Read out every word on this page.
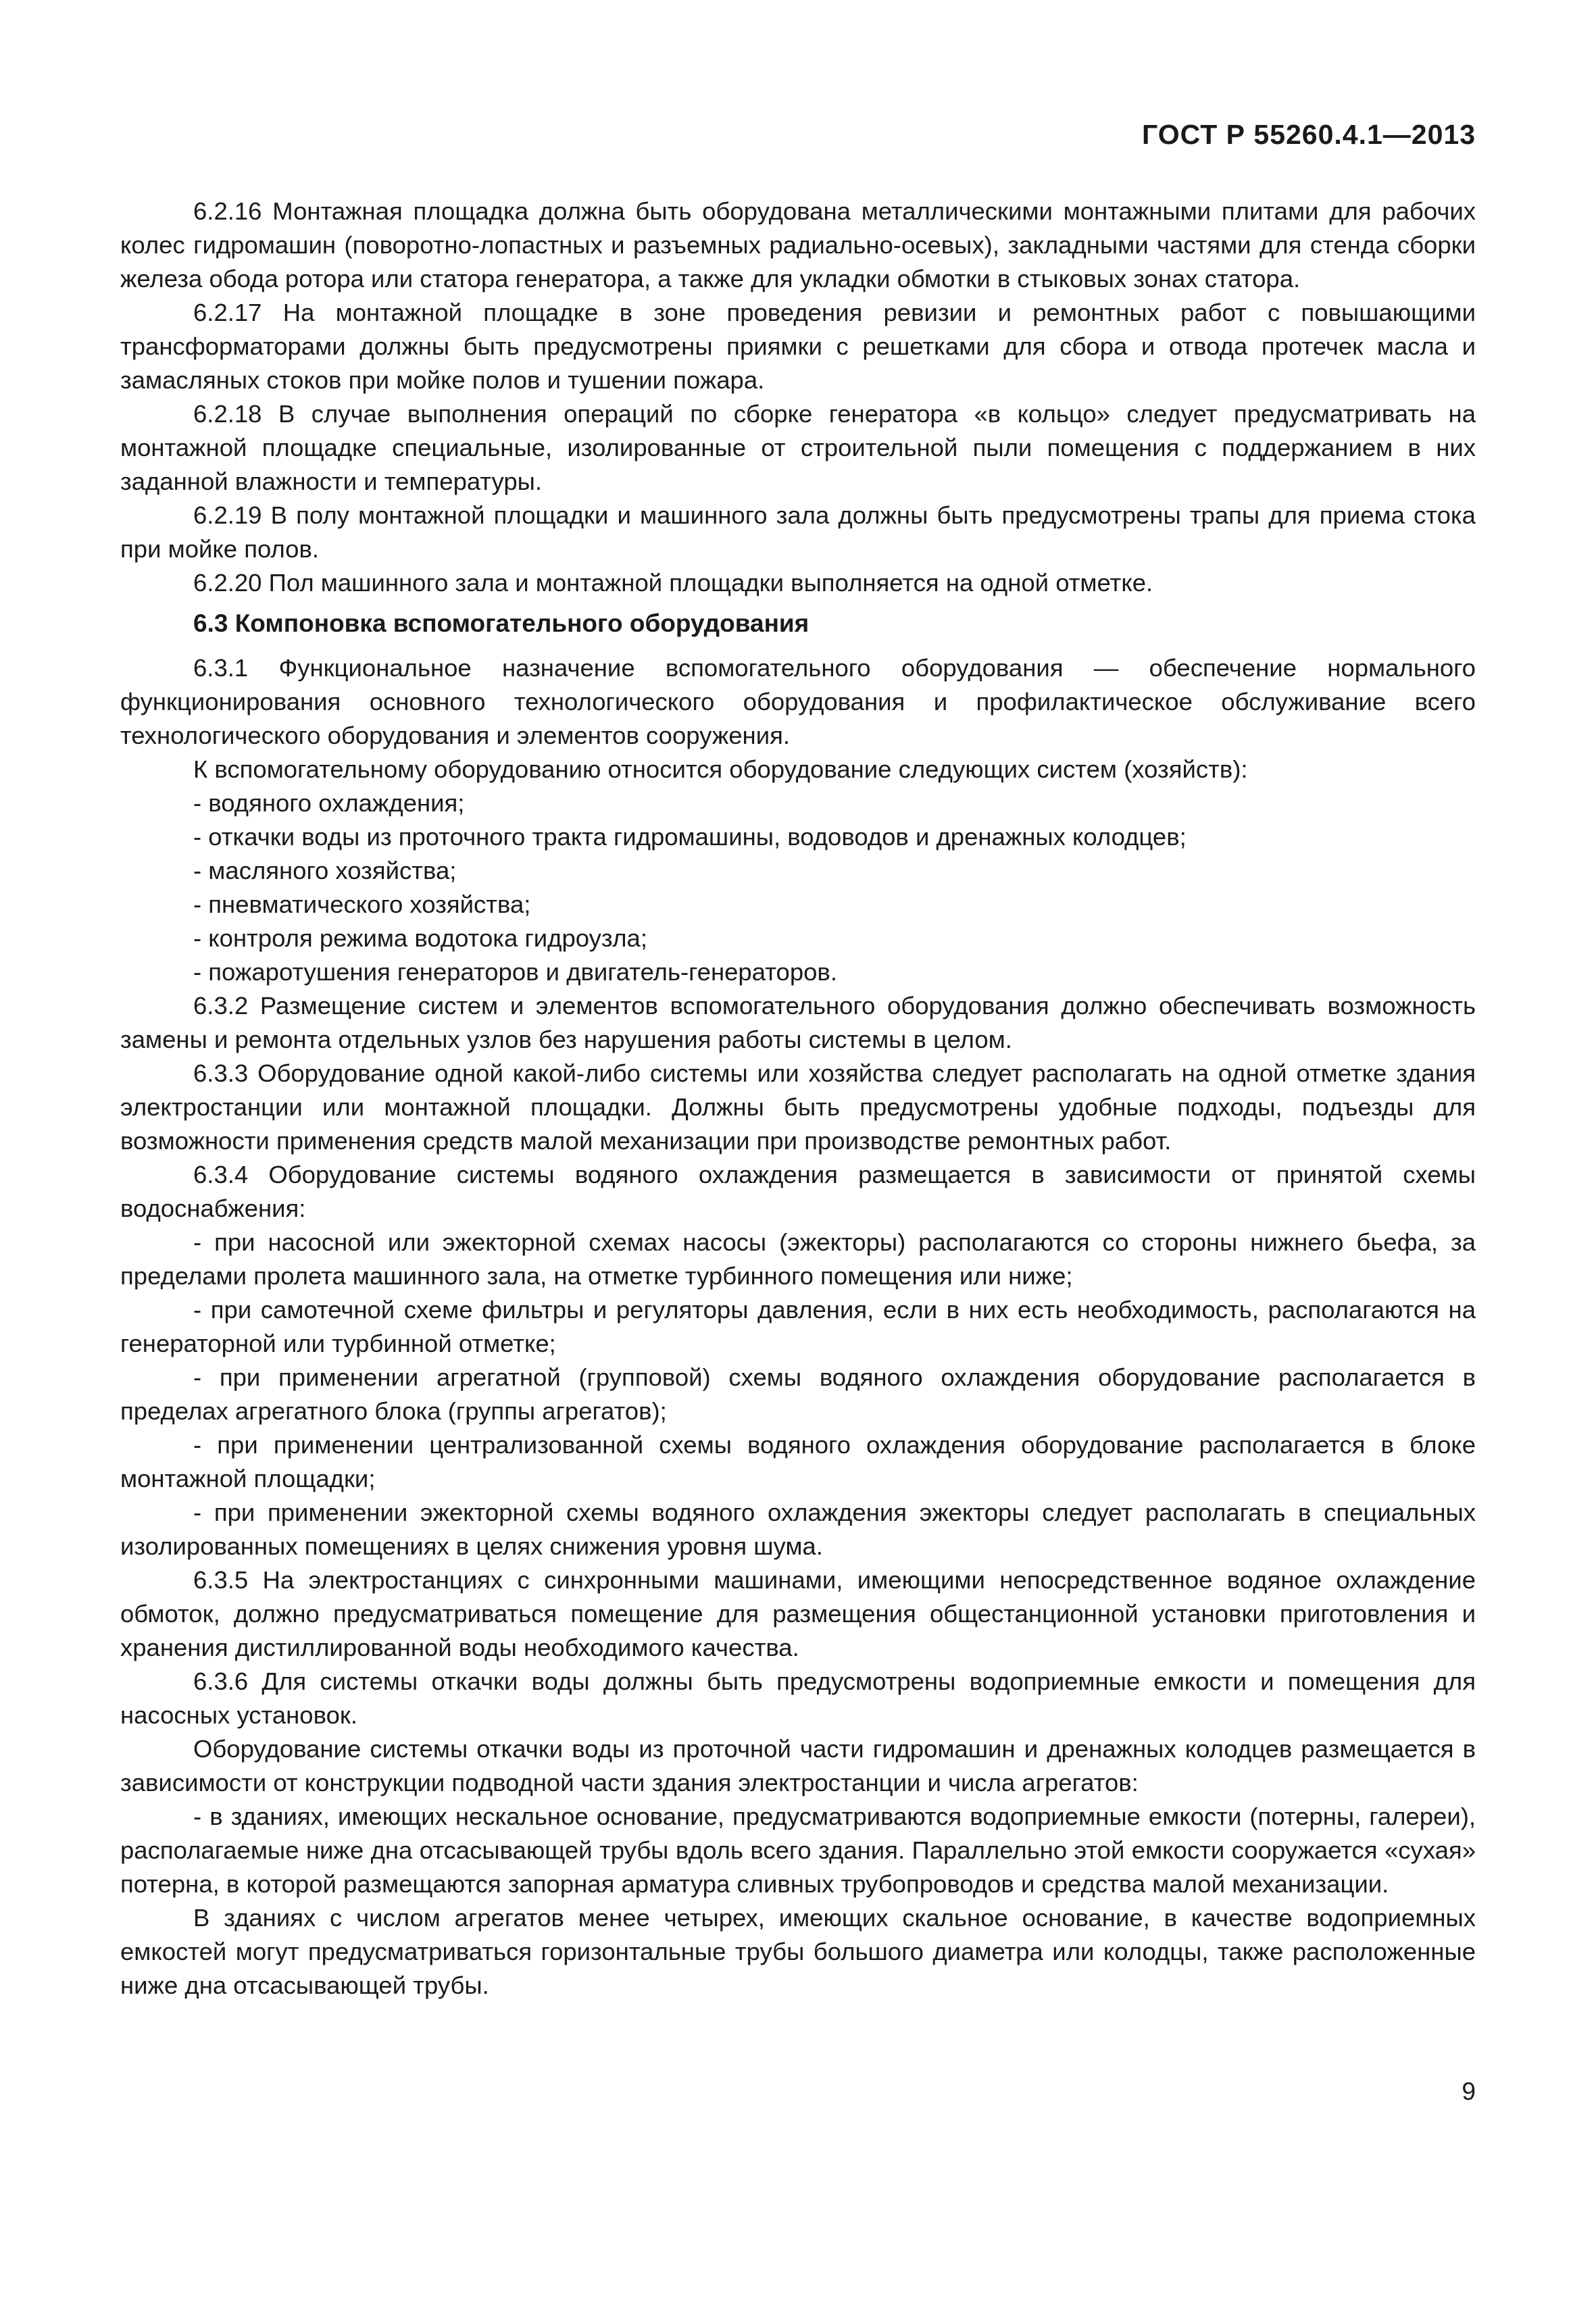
ГОСТ Р 55260.4.1—2013

6.2.16 Монтажная площадка должна быть оборудована металлическими монтажными плитами для рабочих колес гидромашин (поворотно-лопастных и разъемных радиально-осевых), закладными частями для стенда сборки железа обода ротора или статора генератора, а также для укладки обмотки в стыковых зонах статора.

6.2.17 На монтажной площадке в зоне проведения ревизии и ремонтных работ с повышающими трансформаторами должны быть предусмотрены приямки с решетками для сбора и отвода протечек масла и замасляных стоков при мойке полов и тушении пожара.

6.2.18 В случае выполнения операций по сборке генератора «в кольцо» следует предусматривать на монтажной площадке специальные, изолированные от строительной пыли помещения с поддержанием в них заданной влажности и температуры.

6.2.19 В полу монтажной площадки и машинного зала должны быть предусмотрены трапы для приема стока при мойке полов.

6.2.20 Пол машинного зала и монтажной площадки выполняется на одной отметке.

6.3 Компоновка вспомогательного оборудования

6.3.1 Функциональное назначение вспомогательного оборудования — обеспечение нормального функционирования основного технологического оборудования и профилактическое обслуживание всего технологического оборудования и элементов сооружения.

К вспомогательному оборудованию относится оборудование следующих систем (хозяйств):

- водяного охлаждения;

- откачки воды из проточного тракта гидромашины, водоводов и дренажных колодцев;

- масляного хозяйства;

- пневматического хозяйства;

- контроля режима водотока гидроузла;

- пожаротушения генераторов и двигатель-генераторов.

6.3.2 Размещение систем и элементов вспомогательного оборудования должно обеспечивать возможность замены и ремонта отдельных узлов без нарушения работы системы в целом.

6.3.3 Оборудование одной какой-либо системы или хозяйства следует располагать на одной отметке здания электростанции или монтажной площадки. Должны быть предусмотрены удобные подходы, подъезды для возможности применения средств малой механизации при производстве ремонтных работ.

6.3.4 Оборудование системы водяного охлаждения размещается в зависимости от принятой схемы водоснабжения:

- при насосной или эжекторной схемах насосы (эжекторы) располагаются со стороны нижнего бьефа, за пределами пролета машинного зала, на отметке турбинного помещения или ниже;

- при самотечной схеме фильтры и регуляторы давления, если в них есть необходимость, располагаются на генераторной или турбинной отметке;

- при применении агрегатной (групповой) схемы водяного охлаждения оборудование располагается в пределах агрегатного блока (группы агрегатов);

- при применении централизованной схемы водяного охлаждения оборудование располагается в блоке монтажной площадки;

- при применении эжекторной схемы водяного охлаждения эжекторы следует располагать в специальных изолированных помещениях в целях снижения уровня шума.

6.3.5 На электростанциях с синхронными машинами, имеющими непосредственное водяное охлаждение обмоток, должно предусматриваться помещение для размещения общестанционной установки приготовления и хранения дистиллированной воды необходимого качества.

6.3.6 Для системы откачки воды должны быть предусмотрены водоприемные емкости и помещения для насосных установок.

Оборудование системы откачки воды из проточной части гидромашин и дренажных колодцев размещается в зависимости от конструкции подводной части здания электростанции и числа агрегатов:

- в зданиях, имеющих нескальное основание, предусматриваются водоприемные емкости (потерны, галереи), располагаемые ниже дна отсасывающей трубы вдоль всего здания. Параллельно этой емкости сооружается «сухая» потерна, в которой размещаются запорная арматура сливных трубопроводов и средства малой механизации.

В зданиях с числом агрегатов менее четырех, имеющих скальное основание, в качестве водоприемных емкостей могут предусматриваться горизонтальные трубы большого диаметра или колодцы, также расположенные ниже дна отсасывающей трубы.

9
